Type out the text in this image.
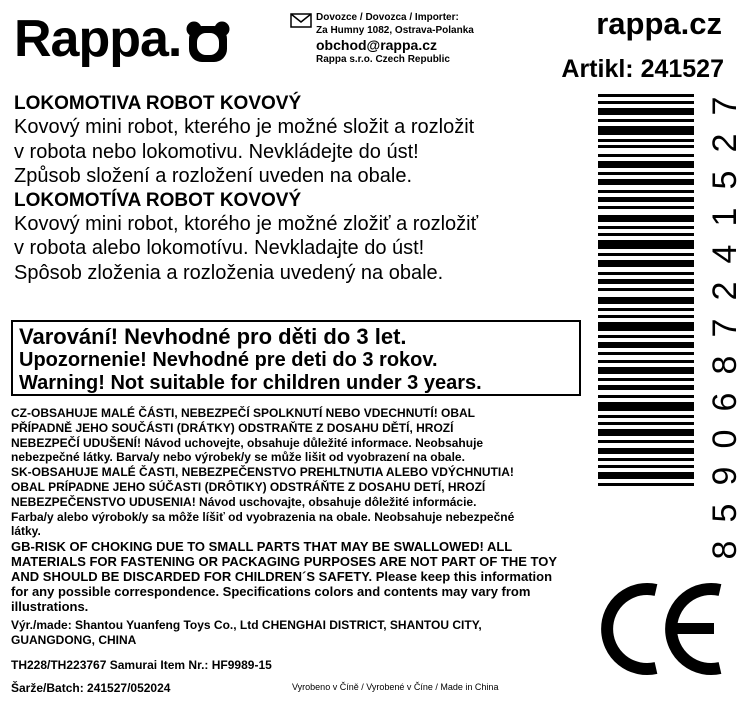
Rappa.	Dovozce / Dovozca / Importer:
Za Humny 1082, Ostrava-Polanka
obchod@rappa.cz
Rappa s.r.o. Czech Republic
rappa.cz
Artikl: 241527
LOKOMOTIVA ROBOT KOVOVÝ
Kovový mini robot, kterého je možné složit a rozložit
v robota nebo lokomotivu. Nevkládejte do úst!
Způsob složení a rozložení uveden na obale.
LOKOMOTÍVA ROBOT KOVOVÝ
Kovový mini robot, ktorého je možné zložiť a rozložiť
v robota alebo lokomotívu. Nevkladajte do úst!
Spôsob zloženia a rozloženia uvedený na obale.
Varování! Nevhodné pro děti do 3 let.
Upozornenie! Nevhodné pre deti do 3 rokov.
Warning! Not suitable for children under 3 years.

CZ-OBSAHUJE MALÉ ČÁSTI, NEBEZPEČÍ SPOLKNUTÍ NEBO VDECHNUTÍ! OBAL

PŘÍPADNĚ JEHO SOUČÁSTI (DRÁTKY) ODSTRAŇTE Z DOSAHU DĚTÍ, HROZÍ

NEBEZPEČÍ UDUŠENÍ! Návod uchovejte, obsahuje důležité informace. Neobsahuje

nebezpečné látky. Barva/y nebo výrobek/y se může lišit od vyobrazení na obale.

SK-OBSAHUJE MALÉ ČASTI, NEBEZPEČENSTVO PREHLTNUTIA ALEBO VDÝCHNUTIA!

OBAL PRÍPADNE JEHO SÚČASTI (DRÔTIKY) ODSTRÁŇTE Z DOSAHU DETÍ, HROZÍ

NEBEZPEČENSTVO UDUSENIA! Návod uschovajte, obsahuje dôležité informácie.

Farba/y alebo výrobok/y sa môže líšiť od vyobrazenia na obale. Neobsahuje nebezpečné

látky.

GB-RISK OF CHOKING DUE TO SMALL PARTS THAT MAY BE SWALLOWED! ALL

MATERIALS FOR FASTENING OR PACKAGING PURPOSES ARE NOT PART OF THE TOY

AND SHOULD BE DISCARDED FOR CHILDREN´S SAFETY. Please keep this information

for any possible correspondence. Specifications colors and contents may vary from

illustrations.

Výr./made: Shantou Yuanfeng Toys Co., Ltd CHENGHAI DISTRICT, SHANTOU CITY,
GUANGDONG, CHINA
TH228/TH223767 Samurai Item Nr.: HF9989-15
Šarže/Batch: 241527/052024	Vyrobeno v Číně / Vyrobené v Číne / Made in China
8
5
9
0
6
8
7
2
4
1
5
2
7
